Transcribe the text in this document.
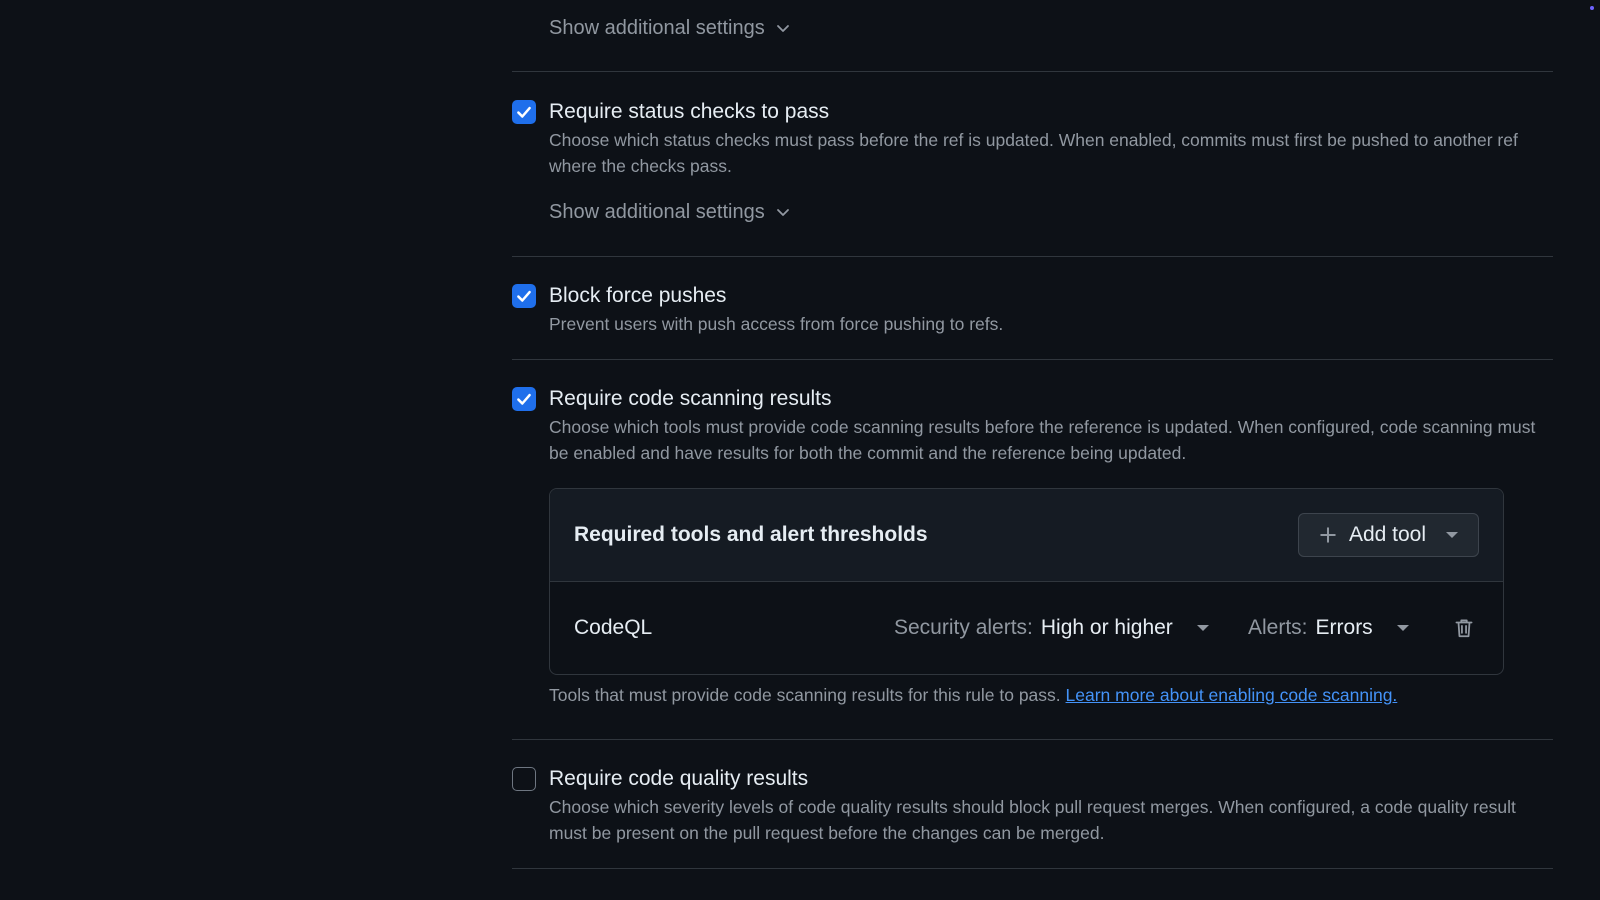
Show additional settings
Require status checks to pass
Choose which status checks must pass before the ref is updated. When enabled, commits must first be pushed to another ref where the checks pass.
Show additional settings
Block force pushes
Prevent users with push access from force pushing to refs.
Require code scanning results
Choose which tools must provide code scanning results before the reference is updated. When configured, code scanning must be enabled and have results for both the commit and the reference being updated.
Required tools and alert thresholds	Add tool
CodeQL	Security alerts: High or higher	Alerts: Errors
Tools that must provide code scanning results for this rule to pass. Learn more about enabling code scanning.
Require code quality results
Choose which severity levels of code quality results should block pull request merges. When configured, a code quality result must be present on the pull request before the changes can be merged.
